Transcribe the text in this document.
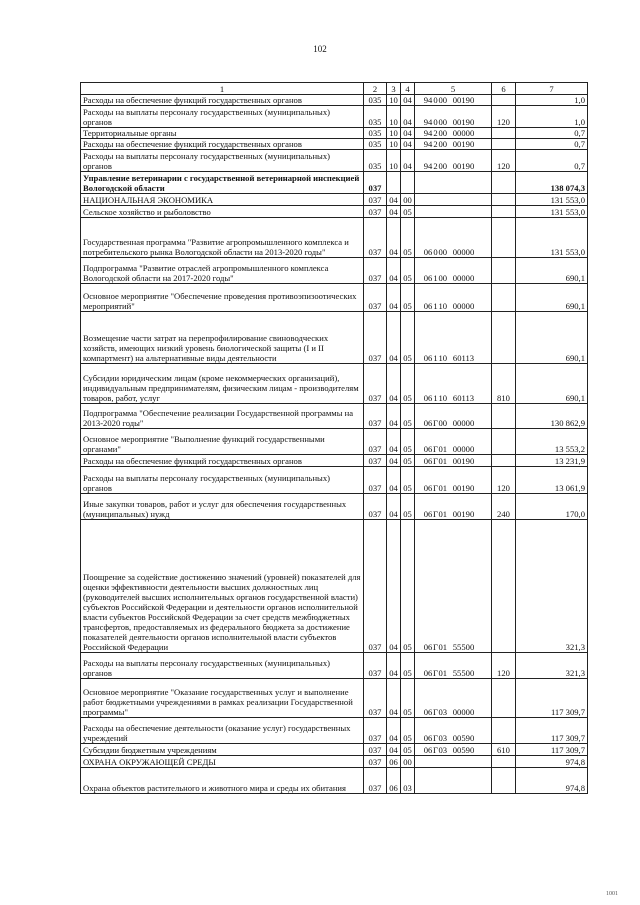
102
1	2	3	4	5	6	7
Расходы на обеспечение функций государственных органов	035	10	04	94000 00190		1,0
Расходы на выплаты персоналу государственных (муниципальных) органов	035	10	04	94000 00190	120	1,0
Территориальные органы	035	10	04	94200 00000		0,7
Расходы на обеспечение функций государственных органов	035	10	04	94200 00190		0,7
Расходы на выплаты персоналу государственных (муниципальных) органов	035	10	04	94200 00190	120	0,7
Управление ветеринарии с государственной ветеринарной инспекцией Вологодской области	037					138 074,3
НАЦИОНАЛЬНАЯ ЭКОНОМИКА	037	04	00			131 553,0
Сельское хозяйство и рыболовство	037	04	05			131 553,0
Государственная программа "Развитие агропромышленного комплекса и потребительского рынка Вологодской области на 2013-2020 годы"	037	04	05	06000 00000		131 553,0
Подпрограмма "Развитие отраслей агропромышленного комплекса Вологодской области на 2017-2020 годы"	037	04	05	06100 00000		690,1
Основное мероприятие "Обеспечение проведения противоэпизоотических мероприятий"	037	04	05	06110 00000		690,1
Возмещение части затрат на перепрофилирование свиноводческих хозяйств, имеющих низкий уровень биологической защиты (I и II компартмент) на альтернативные виды деятельности	037	04	05	06110 60113		690,1
Субсидии юридическим лицам (кроме некоммерческих организаций), индивидуальным предпринимателям, физическим лицам - производителям товаров, работ, услуг	037	04	05	06110 60113	810	690,1
Подпрограмма "Обеспечение реализации Государственной программы на 2013-2020 годы"	037	04	05	06Г00 00000		130 862,9
Основное мероприятие "Выполнение функций государственными органами"	037	04	05	06Г01 00000		13 553,2
Расходы на обеспечение функций государственных органов	037	04	05	06Г01 00190		13 231,9
Расходы на выплаты персоналу государственных (муниципальных) органов	037	04	05	06Г01 00190	120	13 061,9
Иные закупки товаров, работ и услуг для обеспечения государственных (муниципальных) нужд	037	04	05	06Г01 00190	240	170,0
Поощрение за содействие достижению значений (уровней) показателей для оценки эффективности деятельности высших должностных лиц (руководителей высших исполнительных органов государственной власти) субъектов Российской Федерации и деятельности органов исполнительной власти субъектов Российской Федерации за счет средств межбюджетных трансфертов, предоставляемых из федерального бюджета за достижение показателей деятельности органов исполнительной власти субъектов Российской Федерации	037	04	05	06Г01 55500		321,3
Расходы на выплаты персоналу государственных (муниципальных) органов	037	04	05	06Г01 55500	120	321,3
Основное мероприятие "Оказание государственных услуг и выполнение работ бюджетными учреждениями в рамках реализации Государственной программы"	037	04	05	06Г03 00000		117 309,7
Расходы на обеспечение деятельности (оказание услуг) государственных учреждений	037	04	05	06Г03 00590		117 309,7
Субсидии бюджетным учреждениям	037	04	05	06Г03 00590	610	117 309,7
ОХРАНА ОКРУЖАЮЩЕЙ СРЕДЫ	037	06	00			974,8
Охрана объектов растительного и животного мира и среды их обитания	037	06	03			974,8
1001
